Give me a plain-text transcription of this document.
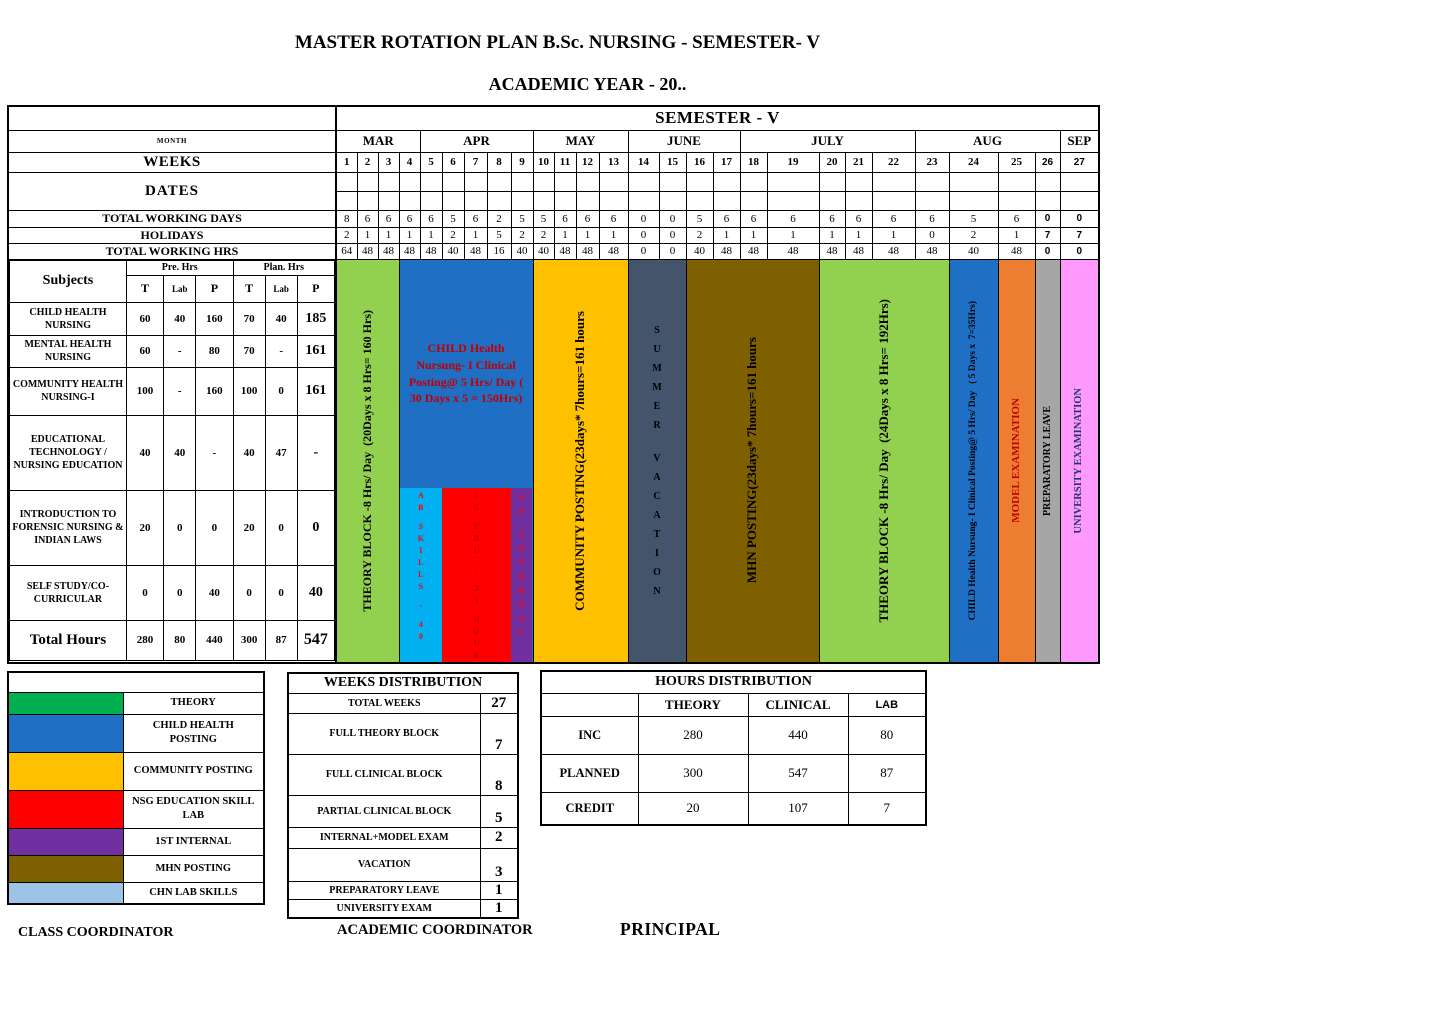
MASTER ROTATION PLAN B.Sc. NURSING - SEMESTER- V
ACADEMIC YEAR - 20..
	SEMESTER - V
MONTH	MAR	APR	MAY	JUNE	JULY	AUG	SEP
WEEKS	1	2	3	4	5	6	7	8	9	10	11	12	13	14	15	16	17	18	19	20	21	22	23	24	25	26	27
DATES																											

TOTAL WORKING DAYS	8	6	6	6	6	5	6	2	5	5	6	6	6	0	0	5	6	6	6	6	6	6	6	5	6	0	0
HOLIDAYS	2	1	1	1	1	2	1	5	2	2	1	1	1	0	0	2	1	1	1	1	1	1	0	2	1	7	7
TOTAL WORKING HRS	64	48	48	48	48	40	48	16	40	40	48	48	48	0	0	40	48	48	48	48	48	48	48	40	48	0	0

Subjects	Pre. Hrs	Plan. Hrs
T	Lab	P	T	Lab	P
CHILD HEALTH NURSING	60	40	160	70	40	185
MENTAL HEALTH NURSING	60	-	80	70	-	161
COMMUNITY HEALTH NURSING-I	100	-	160	100	0	161
EDUCATIONAL TECHNOLOGY / NURSING EDUCATION	40	40	-	40	47	-
INTRODUCTION TO FORENSIC NURSING & INDIAN LAWS	20	0	0	20	0	0
SELF STUDY/CO-CURRICULAR	0	0	40	0	0	40
Total Hours	280	80	440	300	87	547

THEORY BLOCK -8 Hrs/ Day  (20Days x 8 Hrs= 160 Hrs)	CHILD Health Nursung- I Clinical Posting@ 5 Hrs/ Day ( 30 Days x 5 = 150Hrs)
A
B
S
K
I
L
L
S
-
4
0
S
G
E
D
U
-
3
5
H
O
U
R
S
T
I
N
T
E
R
N
A
L

COMMUNITY POSTING(23days* 7hours=161 hours	S
U
M
M
E
R
V
A
C
A
T
I
O
N

MHN POSTING(23days* 7hours=161 hours	THEORY BLOCK -8 Hrs/ Day  (24Days x 8 Hrs= 192Hrs)	CHILD Health Nursung- I Clinical Posting@ 5 Hrs/ Day   ( 5 Days x  7=35Hrs)	MODEL EXAMINATION	PREPARATORY LEAVE	UNIVERSITY EXAMINATION

	THEORY
	CHILD HEALTH POSTING
	COMMUNITY POSTING
	NSG EDUCATION SKILL LAB
	1ST INTERNAL
	MHN POSTING
	CHN LAB SKILLS
WEEKS DISTRIBUTION	
TOTAL WEEKS	27
FULL THEORY BLOCK	7
FULL CLINICAL BLOCK	8
PARTIAL CLINICAL BLOCK	5
INTERNAL+MODEL EXAM	2
VACATION	3
PREPARATORY LEAVE	1
UNIVERSITY EXAM	1
HOURS DISTRIBUTION			
	THEORY	CLINICAL	LAB
INC	280	440	80
PLANNED	300	547	87
CREDIT	20	107	7
CLASS COORDINATOR	ACADEMIC COORDINATOR	PRINCIPAL
